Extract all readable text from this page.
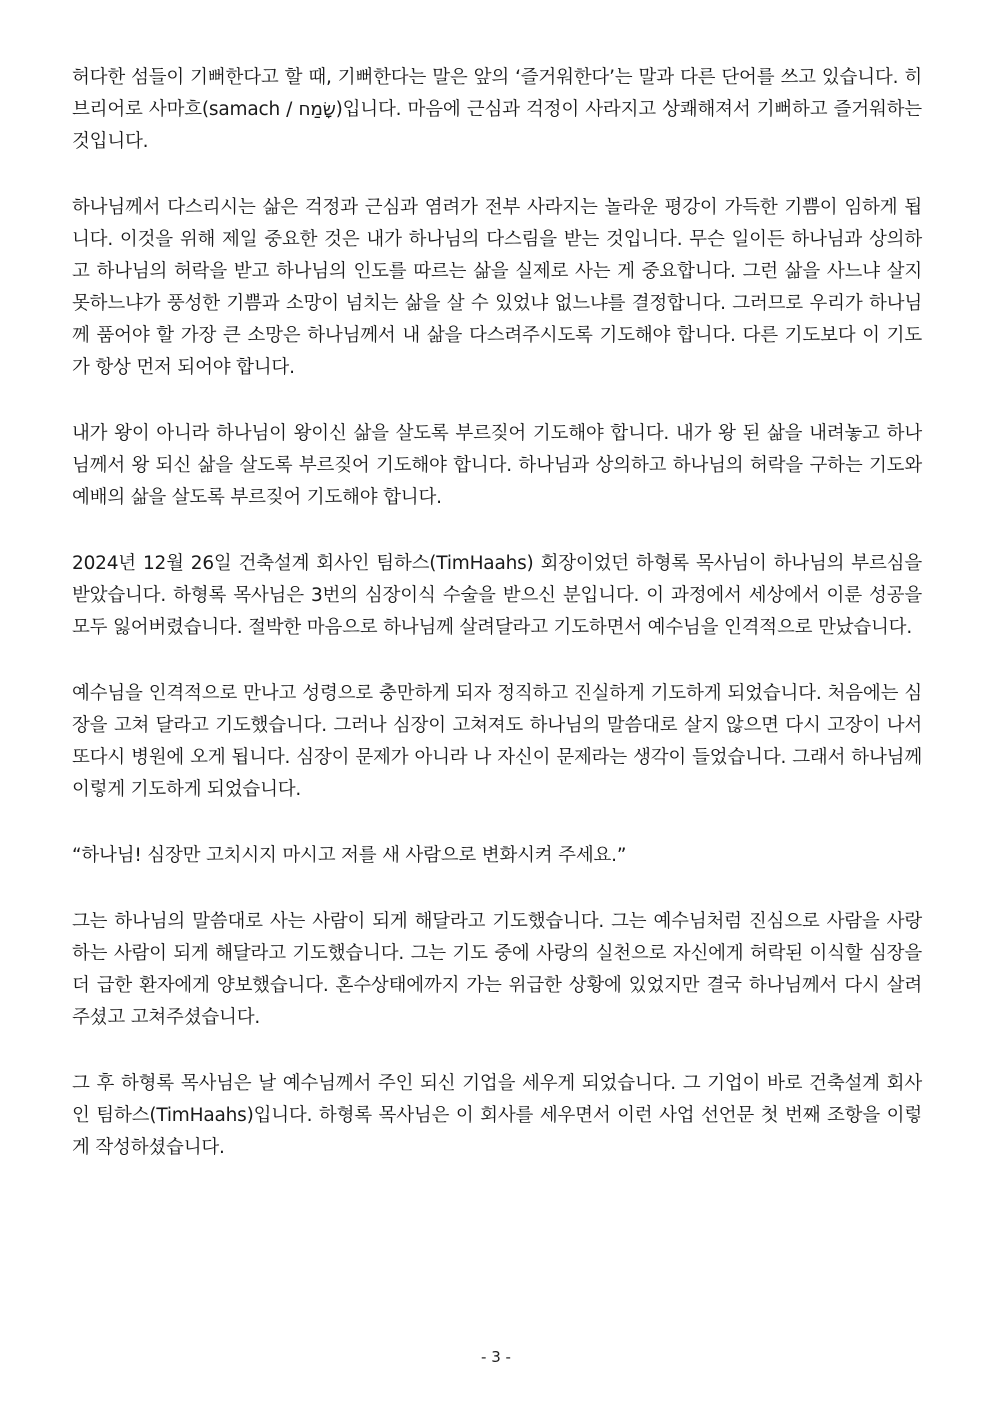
허다한 섬들이 기뻐한다고 할 때, 기뻐한다는 말은 앞의 ‘즐거워한다’는 말과 다른 단어를 쓰고 있습니다. 히브리어로 사마흐(samach / שָׂמַח)입니다. 마음에 근심과 걱정이 사라지고 상쾌해져서 기뻐하고 즐거워하는 것입니다.

하나님께서 다스리시는 삶은 걱정과 근심과 염려가 전부 사라지는 놀라운 평강이 가득한 기쁨이 임하게 됩니다. 이것을 위해 제일 중요한 것은 내가 하나님의 다스림을 받는 것입니다. 무슨 일이든 하나님과 상의하고 하나님의 허락을 받고 하나님의 인도를 따르는 삶을 실제로 사는 게 중요합니다. 그런 삶을 사느냐 살지 못하느냐가 풍성한 기쁨과 소망이 넘치는 삶을 살 수 있었냐 없느냐를 결정합니다. 그러므로 우리가 하나님께 품어야 할 가장 큰 소망은 하나님께서 내 삶을 다스려주시도록 기도해야 합니다. 다른 기도보다 이 기도가 항상 먼저 되어야 합니다.

내가 왕이 아니라 하나님이 왕이신 삶을 살도록 부르짖어 기도해야 합니다. 내가 왕 된 삶을 내려놓고 하나님께서 왕 되신 삶을 살도록 부르짖어 기도해야 합니다. 하나님과 상의하고 하나님의 허락을 구하는 기도와 예배의 삶을 살도록 부르짖어 기도해야 합니다.

2024년 12월 26일 건축설계 회사인 팀하스(TimHaahs) 회장이었던 하형록 목사님이 하나님의 부르심을 받았습니다. 하형록 목사님은 3번의 심장이식 수술을 받으신 분입니다. 이 과정에서 세상에서 이룬 성공을 모두 잃어버렸습니다. 절박한 마음으로 하나님께 살려달라고 기도하면서 예수님을 인격적으로 만났습니다.

예수님을 인격적으로 만나고 성령으로 충만하게 되자 정직하고 진실하게 기도하게 되었습니다. 처음에는 심장을 고쳐 달라고 기도했습니다. 그러나 심장이 고쳐져도 하나님의 말씀대로 살지 않으면 다시 고장이 나서 또다시 병원에 오게 됩니다. 심장이 문제가 아니라 나 자신이 문제라는 생각이 들었습니다. 그래서 하나님께 이렇게 기도하게 되었습니다.

“하나님! 심장만 고치시지 마시고 저를 새 사람으로 변화시켜 주세요.”

그는 하나님의 말씀대로 사는 사람이 되게 해달라고 기도했습니다. 그는 예수님처럼 진심으로 사람을 사랑하는 사람이 되게 해달라고 기도했습니다. 그는 기도 중에 사랑의 실천으로 자신에게 허락된 이식할 심장을 더 급한 환자에게 양보했습니다. 혼수상태에까지 가는 위급한 상황에 있었지만 결국 하나님께서 다시 살려주셨고 고쳐주셨습니다.

그 후 하형록 목사님은 날 예수님께서 주인 되신 기업을 세우게 되었습니다. 그 기업이 바로 건축설계 회사인 팀하스(TimHaahs)입니다. 하형록 목사님은 이 회사를 세우면서 이런 사업 선언문 첫 번째 조항을 이렇게 작성하셨습니다.

- 3 -
